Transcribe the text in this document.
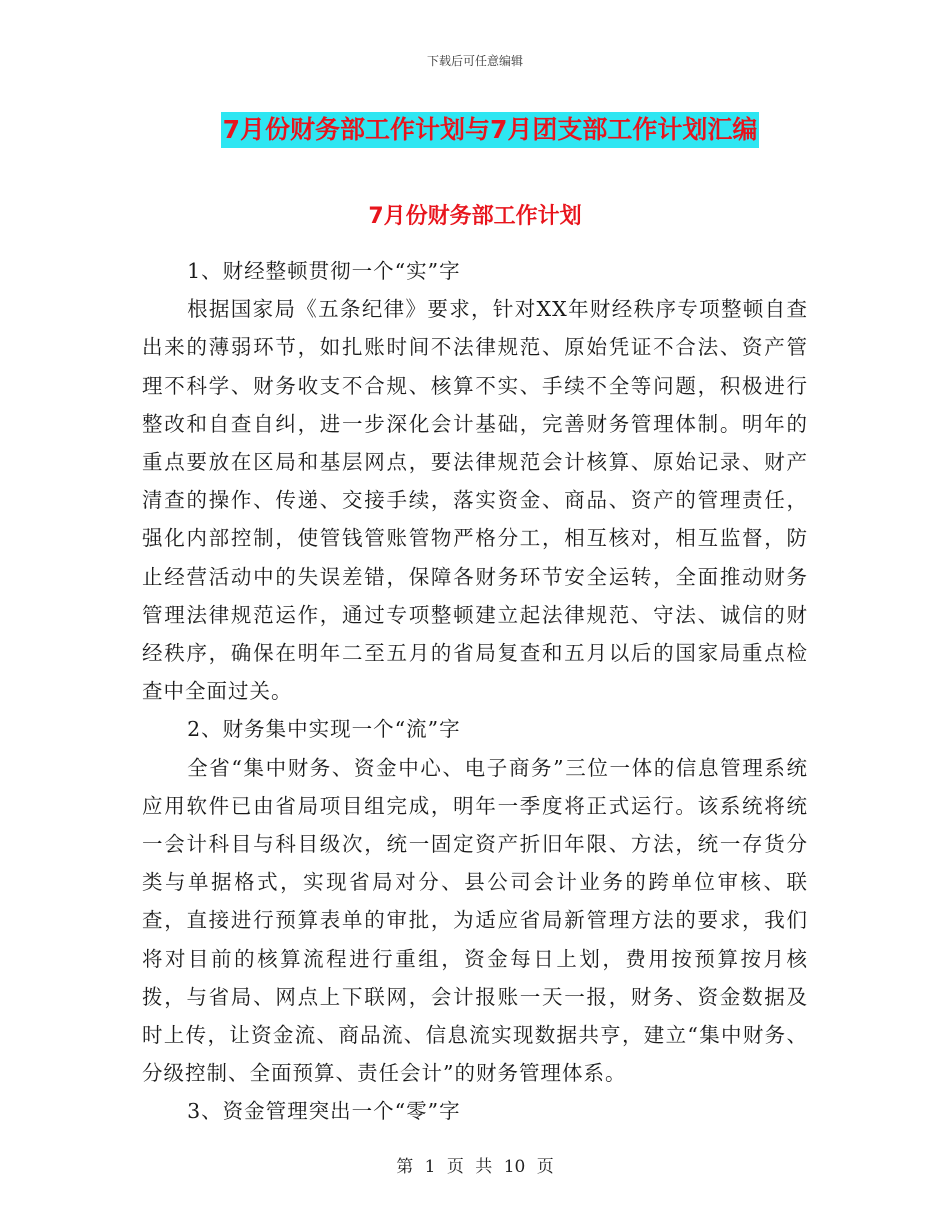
下载后可任意编辑
7月份财务部工作计划与7月团支部工作计划汇编
7月份财务部工作计划

1、财经整顿贯彻一个“实”字

根据国家局《五条纪律》要求，针对XX年财经秩序专项整顿自查出来的薄弱环节，如扎账时间不法律规范、原始凭证不合法、资产管理不科学、财务收支不合规、核算不实、手续不全等问题，积极进行整改和自查自纠，进一步深化会计基础，完善财务管理体制。明年的重点要放在区局和基层网点，要法律规范会计核算、原始记录、财产清查的操作、传递、交接手续，落实资金、商品、资产的管理责任，强化内部控制，使管钱管账管物严格分工，相互核对，相互监督，防止经营活动中的失误差错，保障各财务环节安全运转，全面推动财务管理法律规范运作，通过专项整顿建立起法律规范、守法、诚信的财经秩序，确保在明年二至五月的省局复查和五月以后的国家局重点检查中全面过关。

2、财务集中实现一个“流”字

全省“集中财务、资金中心、电子商务”三位一体的信息管理系统应用软件已由省局项目组完成，明年一季度将正式运行。该系统将统一会计科目与科目级次，统一固定资产折旧年限、方法，统一存货分类与单据格式，实现省局对分、县公司会计业务的跨单位审核、联查，直接进行预算表单的审批，为适应省局新管理方法的要求，我们将对目前的核算流程进行重组，资金每日上划，费用按预算按月核拨，与省局、网点上下联网，会计报账一天一报，财务、资金数据及时上传，让资金流、商品流、信息流实现数据共亨，建立“集中财务、分级控制、全面预算、责任会计”的财务管理体系。

3、资金管理突出一个“零”字

第 1 页 共 10 页
